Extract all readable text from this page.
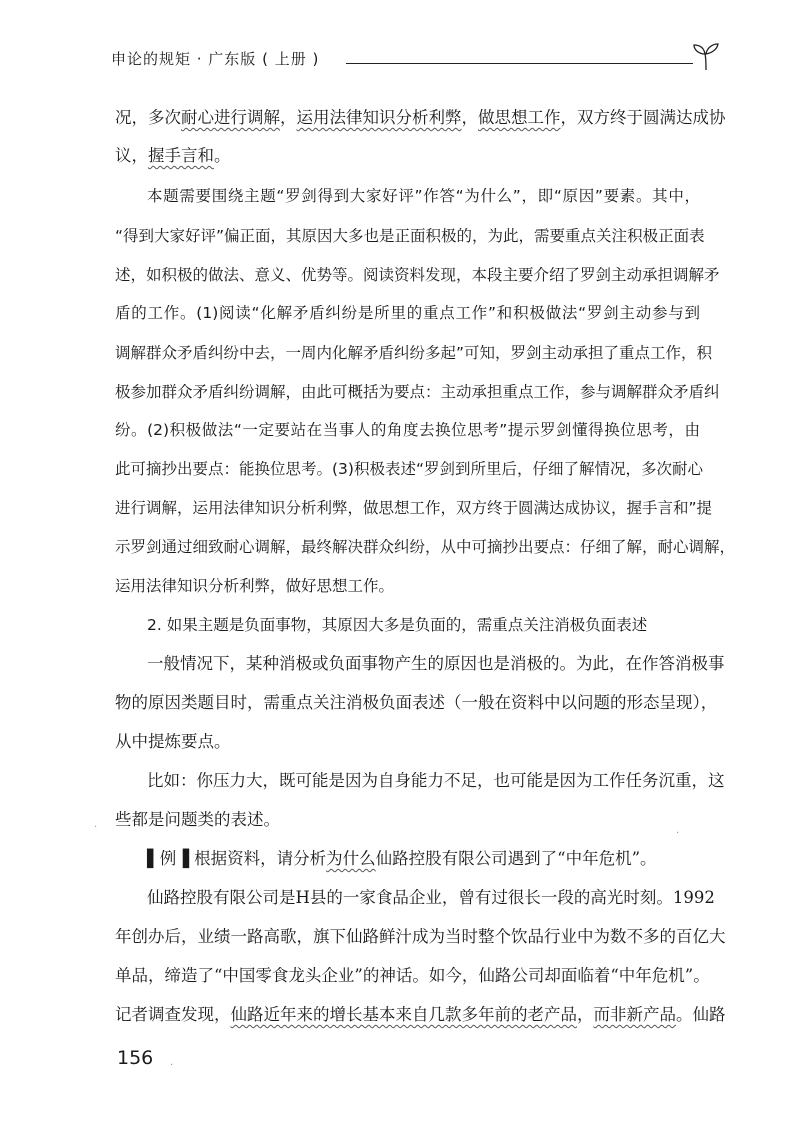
申论的规矩 · 广东版 ( 上册 )
况，多次耐心进行调解，运用法律知识分析利弊，做思想工作，双方终于圆满达成协
议，握手言和。
本题需要围绕主题“罗剑得到大家好评”作答“为什么”，即“原因”要素。其中，
“得到大家好评”偏正面，其原因大多也是正面积极的，为此，需要重点关注积极正面表
述，如积极的做法、意义、优势等。阅读资料发现，本段主要介绍了罗剑主动承担调解矛
盾的工作。(1)阅读“化解矛盾纠纷是所里的重点工作”和积极做法“罗剑主动参与到
调解群众矛盾纠纷中去，一周内化解矛盾纠纷多起”可知，罗剑主动承担了重点工作，积
极参加群众矛盾纠纷调解，由此可概括为要点：主动承担重点工作，参与调解群众矛盾纠
纷。(2)积极做法“一定要站在当事人的角度去换位思考”提示罗剑懂得换位思考，由
此可摘抄出要点：能换位思考。(3)积极表述“罗剑到所里后，仔细了解情况，多次耐心
进行调解，运用法律知识分析利弊，做思想工作，双方终于圆满达成协议，握手言和”提
示罗剑通过细致耐心调解，最终解决群众纠纷，从中可摘抄出要点：仔细了解，耐心调解，
运用法律知识分析利弊，做好思想工作。
2. 如果主题是负面事物，其原因大多是负面的，需重点关注消极负面表述
一般情况下，某种消极或负面事物产生的原因也是消极的。为此，在作答消极事
物的原因类题目时，需重点关注消极负面表述（一般在资料中以问题的形态呈现），
从中提炼要点。
比如：你压力大，既可能是因为自身能力不足，也可能是因为工作任务沉重，这
些都是问题类的表述。
▌例▐ 根据资料，请分析为什么仙路控股有限公司遇到了“中年危机”。
仙路控股有限公司是H县的一家食品企业，曾有过很长一段的高光时刻。1992
年创办后，业绩一路高歌，旗下仙路鲜汁成为当时整个饮品行业中为数不多的百亿大
单品，缔造了“中国零食龙头企业”的神话。如今，仙路公司却面临着“中年危机”。
记者调查发现，仙路近年来的增长基本来自几款多年前的老产品，而非新产品。仙路
156
·
·
·
